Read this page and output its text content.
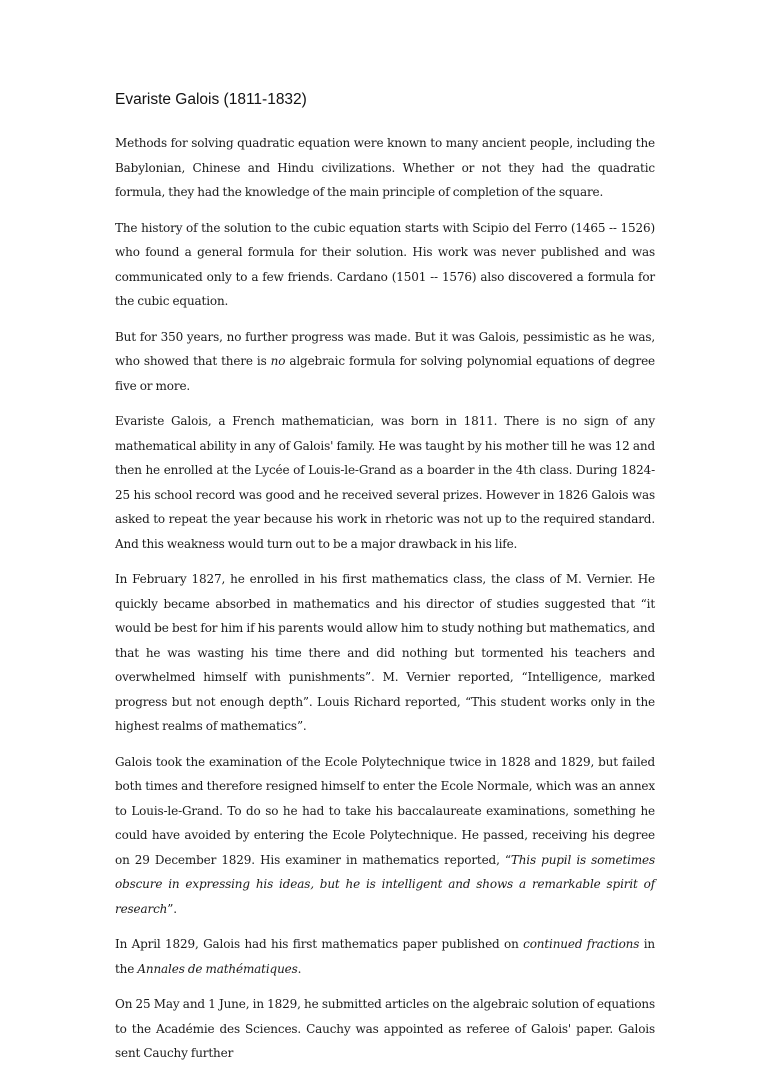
Evariste Galois (1811-1832)

Methods for solving quadratic equation were known to many ancient people, including the Babylonian, Chinese and Hindu civilizations. Whether or not they had the quadratic formula, they had the knowledge of the main principle of completion of the square.

The history of the solution to the cubic equation starts with Scipio del Ferro (1465 -- 1526) who found a general formula for their solution. His work was never published and was communicated only to a few friends. Cardano (1501 -- 1576) also discovered a formula for the cubic equation.

But for 350 years, no further progress was made. But it was Galois, pessimistic as he was, who showed that there is no algebraic formula for solving polynomial equations of degree five or more.

Evariste Galois, a French mathematician, was born in 1811. There is no sign of any mathematical ability in any of Galois' family. He was taught by his mother till he was 12 and then he enrolled at the Lycée of Louis-le-Grand as a boarder in the 4th class. During 1824-25 his school record was good and he received several prizes. However in 1826 Galois was asked to repeat the year because his work in rhetoric was not up to the required standard. And this weakness would turn out to be a major drawback in his life.

In February 1827, he enrolled in his first mathematics class, the class of M. Vernier. He quickly became absorbed in mathematics and his director of studies suggested that “it would be best for him if his parents would allow him to study nothing but mathematics, and that he was wasting his time there and did nothing but tormented his teachers and overwhelmed himself with punishments”. M. Vernier reported, “Intelligence, marked progress but not enough depth”. Louis Richard reported, “This student works only in the highest realms of mathematics”.

Galois took the examination of the Ecole Polytechnique twice in 1828 and 1829, but failed both times and therefore resigned himself to enter the Ecole Normale, which was an annex to Louis-le-Grand. To do so he had to take his baccalaureate examinations, something he could have avoided by entering the Ecole Polytechnique. He passed, receiving his degree on 29 December 1829. His examiner in mathematics reported, “This pupil is sometimes obscure in expressing his ideas, but he is intelligent and shows a remarkable spirit of research”.

In April 1829, Galois had his first mathematics paper published on continued fractions in the Annales de mathématiques.

On 25 May and 1 June, in 1829, he submitted articles on the algebraic solution of equations to the Académie des Sciences. Cauchy was appointed as referee of Galois' paper. Galois sent Cauchy further
